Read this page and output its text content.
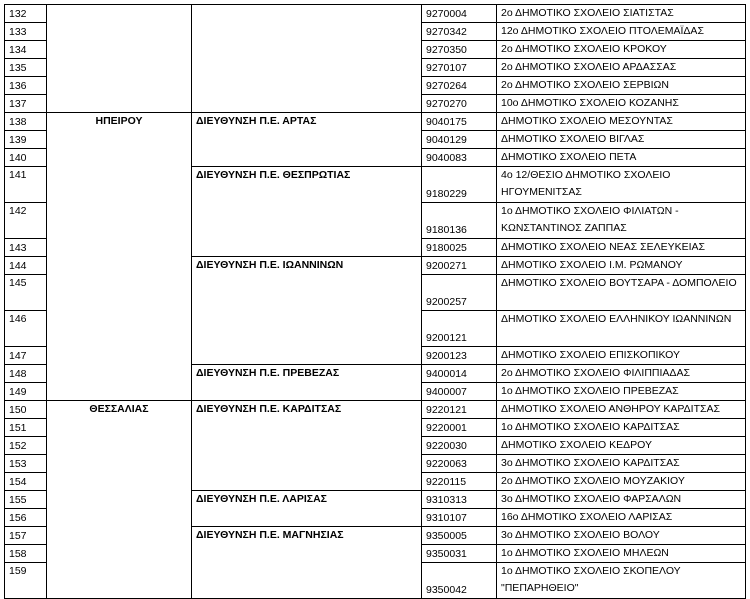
132			9270004	2ο ΔΗΜΟΤΙΚΟ ΣΧΟΛΕΙΟ ΣΙΑΤΙΣΤΑΣ
133			9270342	12ο ΔΗΜΟΤΙΚΟ ΣΧΟΛΕΙΟ ΠΤΟΛΕΜΑΪΔΑΣ
134			9270350	2ο ΔΗΜΟΤΙΚΟ ΣΧΟΛΕΙΟ ΚΡΟΚΟΥ
135			9270107	2ο ΔΗΜΟΤΙΚΟ ΣΧΟΛΕΙΟ ΑΡΔΑΣΣΑΣ
136			9270264	2ο ΔΗΜΟΤΙΚΟ ΣΧΟΛΕΙΟ ΣΕΡΒΙΩΝ
137			9270270	10ο ΔΗΜΟΤΙΚΟ ΣΧΟΛΕΙΟ ΚΟΖΑΝΗΣ
138	ΗΠΕΙΡΟΥ	ΔΙΕΥΘΥΝΣΗ Π.Ε. ΑΡΤΑΣ	9040175	ΔΗΜΟΤΙΚΟ ΣΧΟΛΕΙΟ ΜΕΣΟΥΝΤΑΣ
139			9040129	ΔΗΜΟΤΙΚΟ ΣΧΟΛΕΙΟ ΒΙΓΛΑΣ
140			9040083	ΔΗΜΟΤΙΚΟ ΣΧΟΛΕΙΟ ΠΕΤΑ
141		ΔΙΕΥΘΥΝΣΗ Π.Ε. ΘΕΣΠΡΩΤΙΑΣ	9180229	4ο 12/ΘΕΣΙΟ ΔΗΜΟΤΙΚΟ ΣΧΟΛΕΙΟ ΗΓΟΥΜΕΝΙΤΣΑΣ
142			9180136	1ο ΔΗΜΟΤΙΚΟ ΣΧΟΛΕΙΟ ΦΙΛΙΑΤΩΝ - ΚΩΝΣΤΑΝΤΙΝΟΣ ΖΑΠΠΑΣ
143			9180025	ΔΗΜΟΤΙΚΟ ΣΧΟΛΕΙΟ ΝΕΑΣ ΣΕΛΕΥΚΕΙΑΣ
144		ΔΙΕΥΘΥΝΣΗ Π.Ε. ΙΩΑΝΝΙΝΩΝ	9200271	ΔΗΜΟΤΙΚΟ ΣΧΟΛΕΙΟ Ι.Μ. ΡΩΜΑΝΟΥ
145			9200257	ΔΗΜΟΤΙΚΟ ΣΧΟΛΕΙΟ ΒΟΥΤΣΑΡΑ - ΔΟΜΠΟΛΕΙΟ
146			9200121	ΔΗΜΟΤΙΚΟ ΣΧΟΛΕΙΟ ΕΛΛΗΝΙΚΟΥ ΙΩΑΝΝΙΝΩΝ
147			9200123	ΔΗΜΟΤΙΚΟ ΣΧΟΛΕΙΟ ΕΠΙΣΚΟΠΙΚΟΥ
148		ΔΙΕΥΘΥΝΣΗ Π.Ε. ΠΡΕΒΕΖΑΣ	9400014	2ο ΔΗΜΟΤΙΚΟ ΣΧΟΛΕΙΟ ΦΙΛΙΠΠΙΑΔΑΣ
149			9400007	1ο ΔΗΜΟΤΙΚΟ ΣΧΟΛΕΙΟ ΠΡΕΒΕΖΑΣ
150	ΘΕΣΣΑΛΙΑΣ	ΔΙΕΥΘΥΝΣΗ Π.Ε. ΚΑΡΔΙΤΣΑΣ	9220121	ΔΗΜΟΤΙΚΟ ΣΧΟΛΕΙΟ ΑΝΘΗΡΟΥ ΚΑΡΔΙΤΣΑΣ
151			9220001	1ο ΔΗΜΟΤΙΚΟ ΣΧΟΛΕΙΟ ΚΑΡΔΙΤΣΑΣ
152			9220030	ΔΗΜΟΤΙΚΟ ΣΧΟΛΕΙΟ ΚΕΔΡΟΥ
153			9220063	3ο ΔΗΜΟΤΙΚΟ ΣΧΟΛΕΙΟ ΚΑΡΔΙΤΣΑΣ
154			9220115	2ο ΔΗΜΟΤΙΚΟ ΣΧΟΛΕΙΟ ΜΟΥΖΑΚΙΟΥ
155		ΔΙΕΥΘΥΝΣΗ Π.Ε. ΛΑΡΙΣΑΣ	9310313	3ο ΔΗΜΟΤΙΚΟ ΣΧΟΛΕΙΟ ΦΑΡΣΑΛΩΝ
156			9310107	16ο ΔΗΜΟΤΙΚΟ ΣΧΟΛΕΙΟ ΛΑΡΙΣΑΣ
157		ΔΙΕΥΘΥΝΣΗ Π.Ε. ΜΑΓΝΗΣΙΑΣ	9350005	3ο ΔΗΜΟΤΙΚΟ ΣΧΟΛΕΙΟ ΒΟΛΟΥ
158			9350031	1ο ΔΗΜΟΤΙΚΟ ΣΧΟΛΕΙΟ ΜΗΛΕΩΝ
159			9350042	1ο ΔΗΜΟΤΙΚΟ ΣΧΟΛΕΙΟ ΣΚΟΠΕΛΟΥ "ΠΕΠΑΡΗΘΕΙΟ"
